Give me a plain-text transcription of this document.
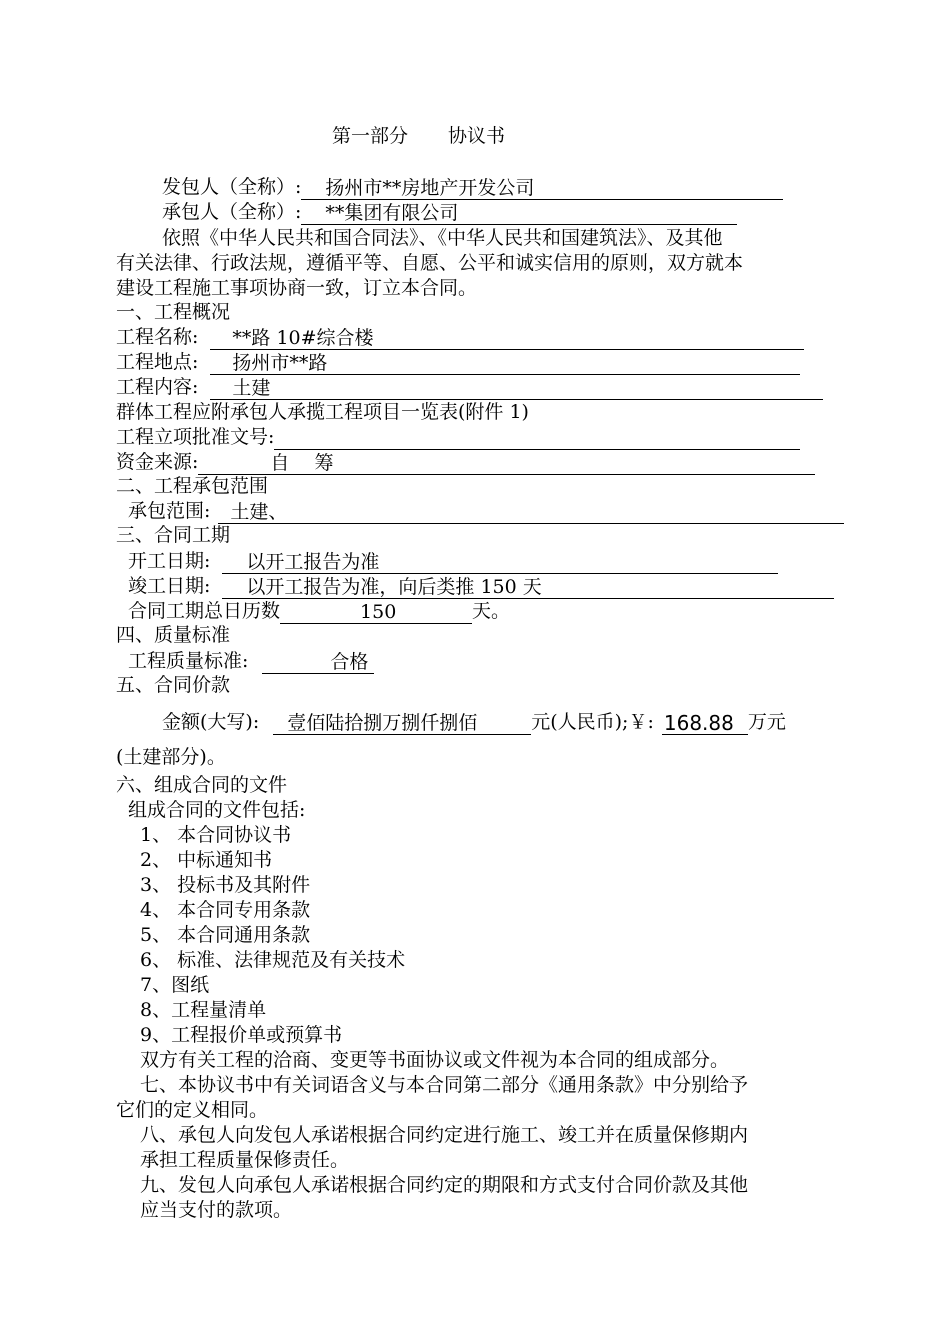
第一部分 协议书
发包人（全称）: 扬州市**房地产开发公司
承包人（全称）: **集团有限公司
依照《中华人民共和国合同法》、《中华人民共和国建筑法》、及其他
有关法律、行政法规，遵循平等、自愿、公平和诚实信用的原则，双方就本
建设工程施工事项协商一致，订立本合同。
一、工程概况
工程名称: **路 10#综合楼
工程地点: 扬州市**路
工程内容: 土建
群体工程应附承包人承揽工程项目一览表(附件 1)
工程立项批准文号:
资金来源:	自　 筹
二、工程承包范围
承包范围: 土建、
三、合同工期
开工日期: 以开工报告为准
竣工日期: 以开工报告为准，向后类推 150 天
合同工期总日历数	150	天。
四、质量标准
工程质量标准:	合格
五、合同价款
金额(大写): 壹佰陆拾捌万捌仟捌佰	元(人民币);￥: 168.88 万元
(土建部分)。
六、组成合同的文件
组成合同的文件包括:
1、 本合同协议书
2、 中标通知书
3、 投标书及其附件
4、 本合同专用条款
5、 本合同通用条款
6、 标准、法律规范及有关技术
7、图纸
8、工程量清单
9、工程报价单或预算书
双方有关工程的洽商、变更等书面协议或文件视为本合同的组成部分。
七、本协议书中有关词语含义与本合同第二部分《通用条款》中分别给予
它们的定义相同。
八、承包人向发包人承诺根据合同约定进行施工、竣工并在质量保修期内
承担工程质量保修责任。
九、发包人向承包人承诺根据合同约定的期限和方式支付合同价款及其他
应当支付的款项。
